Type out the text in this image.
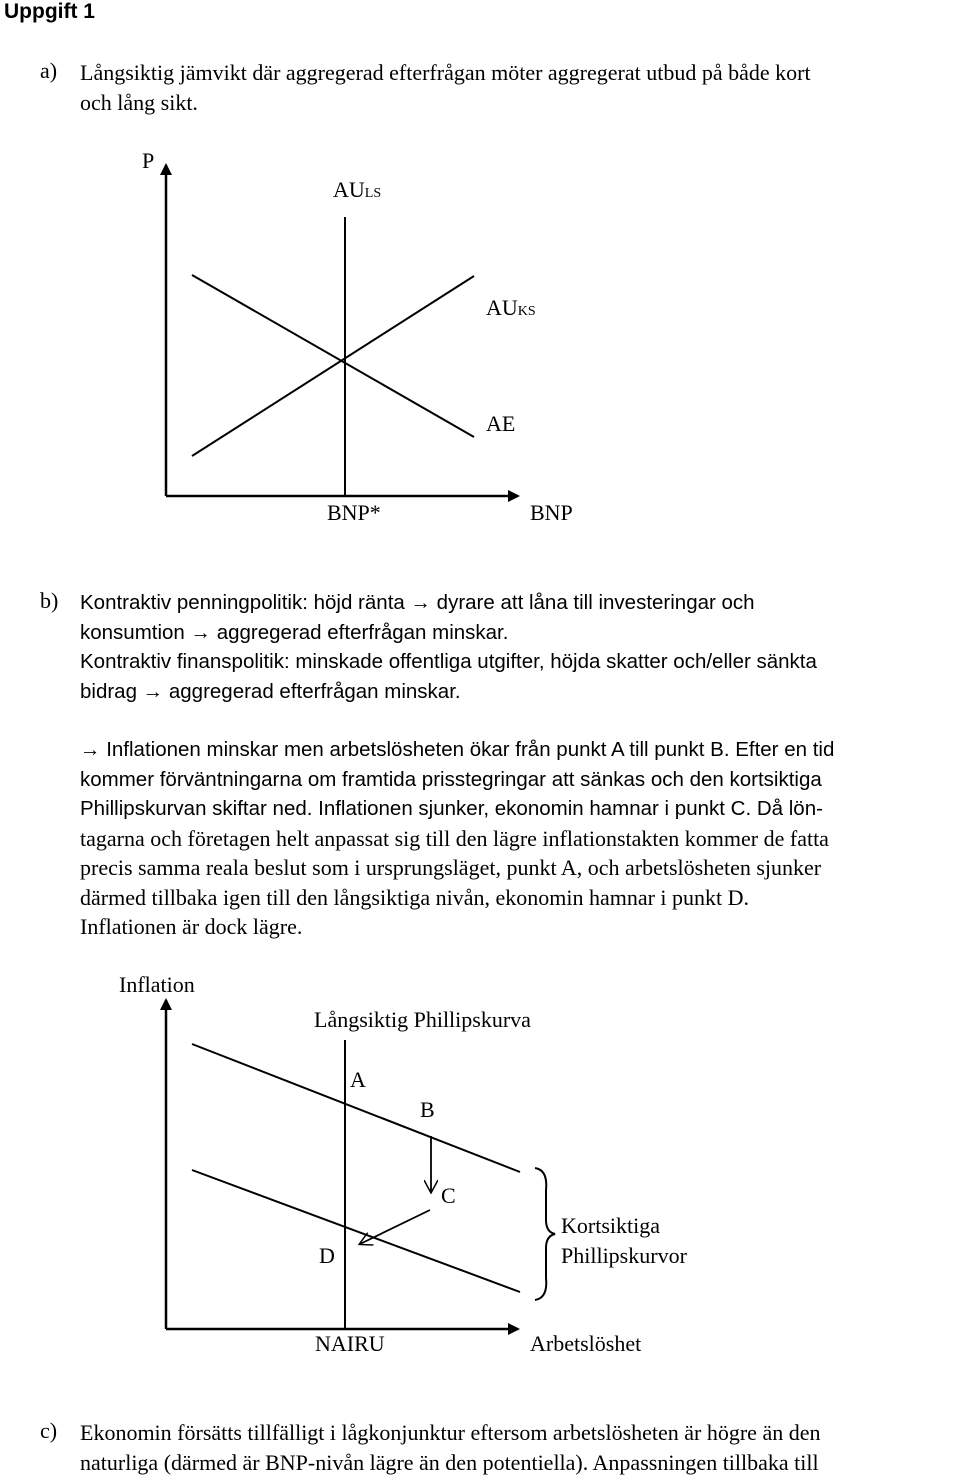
Uppgift 1
a) Långsiktig jämvikt där aggregerad efterfrågan möter aggregerat utbud på både kort
och lång sikt.
P
AULS
AUKS
AE
BNP*	BNP
Inflation
Långsiktig Phillipskurva
A
B
C
D
Kortsiktiga
Phillipskurvor
NAIRU	Arbetslöshet
b) Kontraktiv penningpolitik: höjd ränta → dyrare att låna till investeringar och
konsumtion → aggregerad efterfrågan minskar.
Kontraktiv finanspolitik: minskade offentliga utgifter, höjda skatter och/eller sänkta
bidrag → aggregerad efterfrågan minskar.
→ Inflationen minskar men arbetslösheten ökar från punkt A till punkt B. Efter en tid
kommer förväntningarna om framtida prisstegringar att sänkas och den kortsiktiga
Phillipskurvan skiftar ned. Inflationen sjunker, ekonomin hamnar i punkt C. Då lön-
tagarna och företagen helt anpassat sig till den lägre inflationstakten kommer de fatta
precis samma reala beslut som i ursprungsläget, punkt A, och arbetslösheten sjunker
därmed tillbaka igen till den långsiktiga nivån, ekonomin hamnar i punkt D.
Inflationen är dock lägre.
c) Ekonomin försätts tillfälligt i lågkonjunktur eftersom arbetslösheten är högre än den
naturliga (därmed är BNP-nivån lägre än den potentiella). Anpassningen tillbaka till
